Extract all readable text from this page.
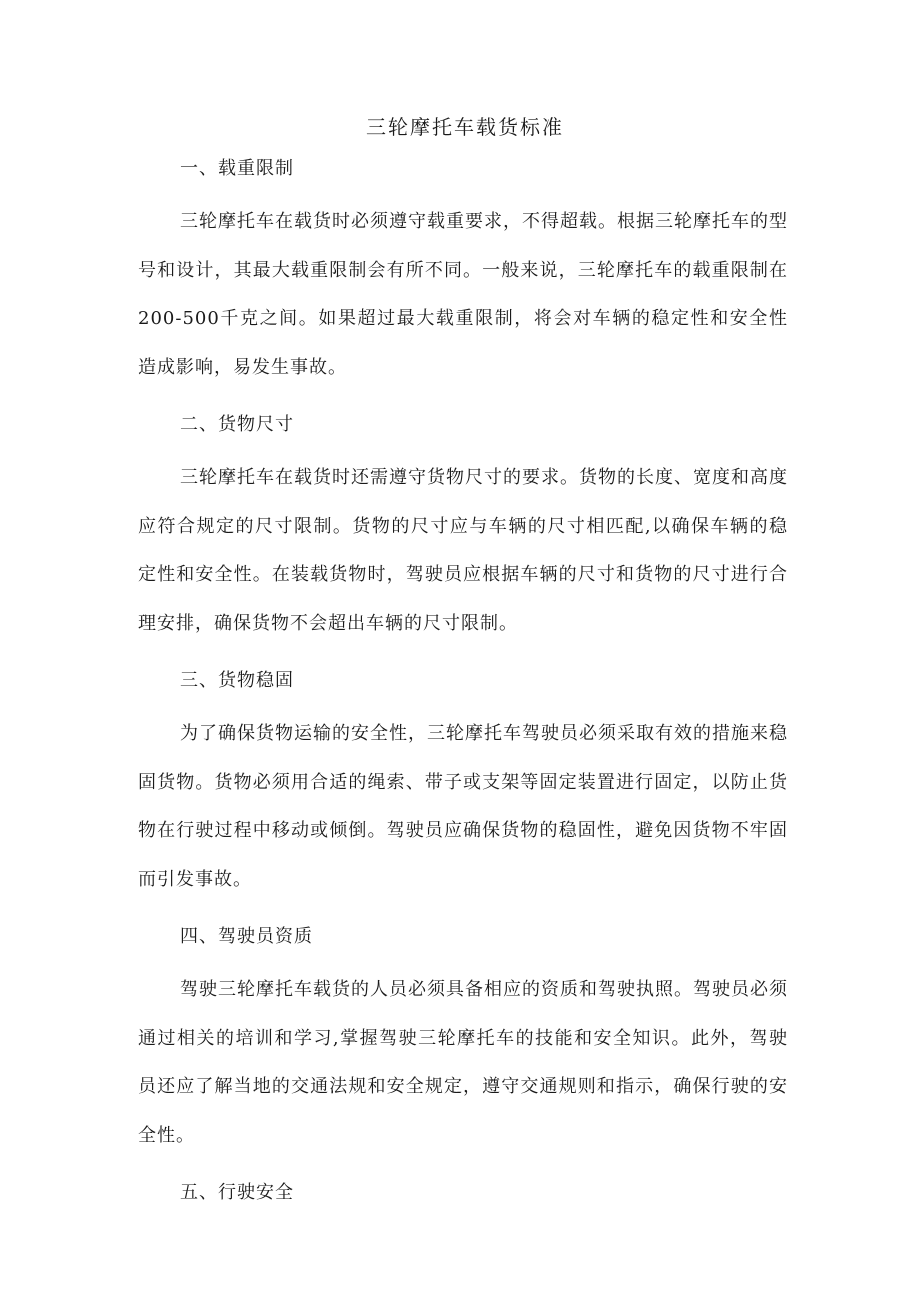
三轮摩托车载货标准
一、载重限制

三轮摩托车在载货时必须遵守载重要求，不得超载。根据三轮摩托车的型号和设计，其最大载重限制会有所不同。一般来说，三轮摩托车的载重限制在200-500千克之间。如果超过最大载重限制，将会对车辆的稳定性和安全性造成影响，易发生事故。

二、货物尺寸

三轮摩托车在载货时还需遵守货物尺寸的要求。货物的长度、宽度和高度应符合规定的尺寸限制。货物的尺寸应与车辆的尺寸相匹配,以确保车辆的稳定性和安全性。在装载货物时，驾驶员应根据车辆的尺寸和货物的尺寸进行合理安排，确保货物不会超出车辆的尺寸限制。

三、货物稳固

为了确保货物运输的安全性，三轮摩托车驾驶员必须采取有效的措施来稳固货物。货物必须用合适的绳索、带子或支架等固定装置进行固定，以防止货物在行驶过程中移动或倾倒。驾驶员应确保货物的稳固性，避免因货物不牢固而引发事故。

四、驾驶员资质

驾驶三轮摩托车载货的人员必须具备相应的资质和驾驶执照。驾驶员必须通过相关的培训和学习,掌握驾驶三轮摩托车的技能和安全知识。此外，驾驶员还应了解当地的交通法规和安全规定，遵守交通规则和指示，确保行驶的安全性。

五、行驶安全
